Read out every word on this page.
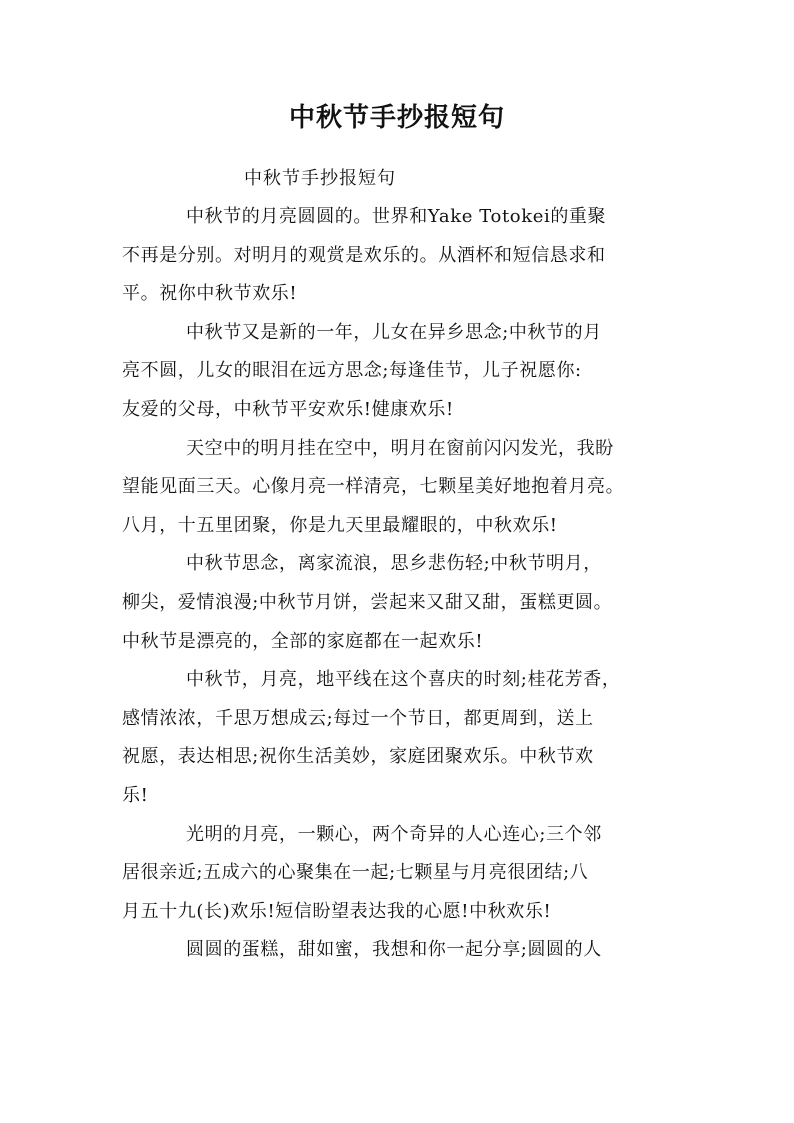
中秋节手抄报短句
中秋节手抄报短句

中秋节的月亮圆圆的。世界和Yake Totokei的重聚
不再是分别。对明月的观赏是欢乐的。从酒杯和短信恳求和
平。祝你中秋节欢乐!

中秋节又是新的一年，儿女在异乡思念;中秋节的月
亮不圆，儿女的眼泪在远方思念;每逢佳节，儿子祝愿你:
友爱的父母，中秋节平安欢乐!健康欢乐!

天空中的明月挂在空中，明月在窗前闪闪发光，我盼
望能见面三天。心像月亮一样清亮，七颗星美好地抱着月亮。
八月，十五里团聚，你是九天里最耀眼的，中秋欢乐!

中秋节思念，离家流浪，思乡悲伤轻;中秋节明月，
柳尖，爱情浪漫;中秋节月饼，尝起来又甜又甜，蛋糕更圆。
中秋节是漂亮的，全部的家庭都在一起欢乐!

中秋节，月亮，地平线在这个喜庆的时刻;桂花芳香，
感情浓浓，千思万想成云;每过一个节日，都更周到，送上
祝愿，表达相思;祝你生活美妙，家庭团聚欢乐。中秋节欢
乐!

光明的月亮，一颗心，两个奇异的人心连心;三个邻
居很亲近;五成六的心聚集在一起;七颗星与月亮很团结;八
月五十九(长)欢乐!短信盼望表达我的心愿!中秋欢乐!

圆圆的蛋糕，甜如蜜，我想和你一起分享;圆圆的人
